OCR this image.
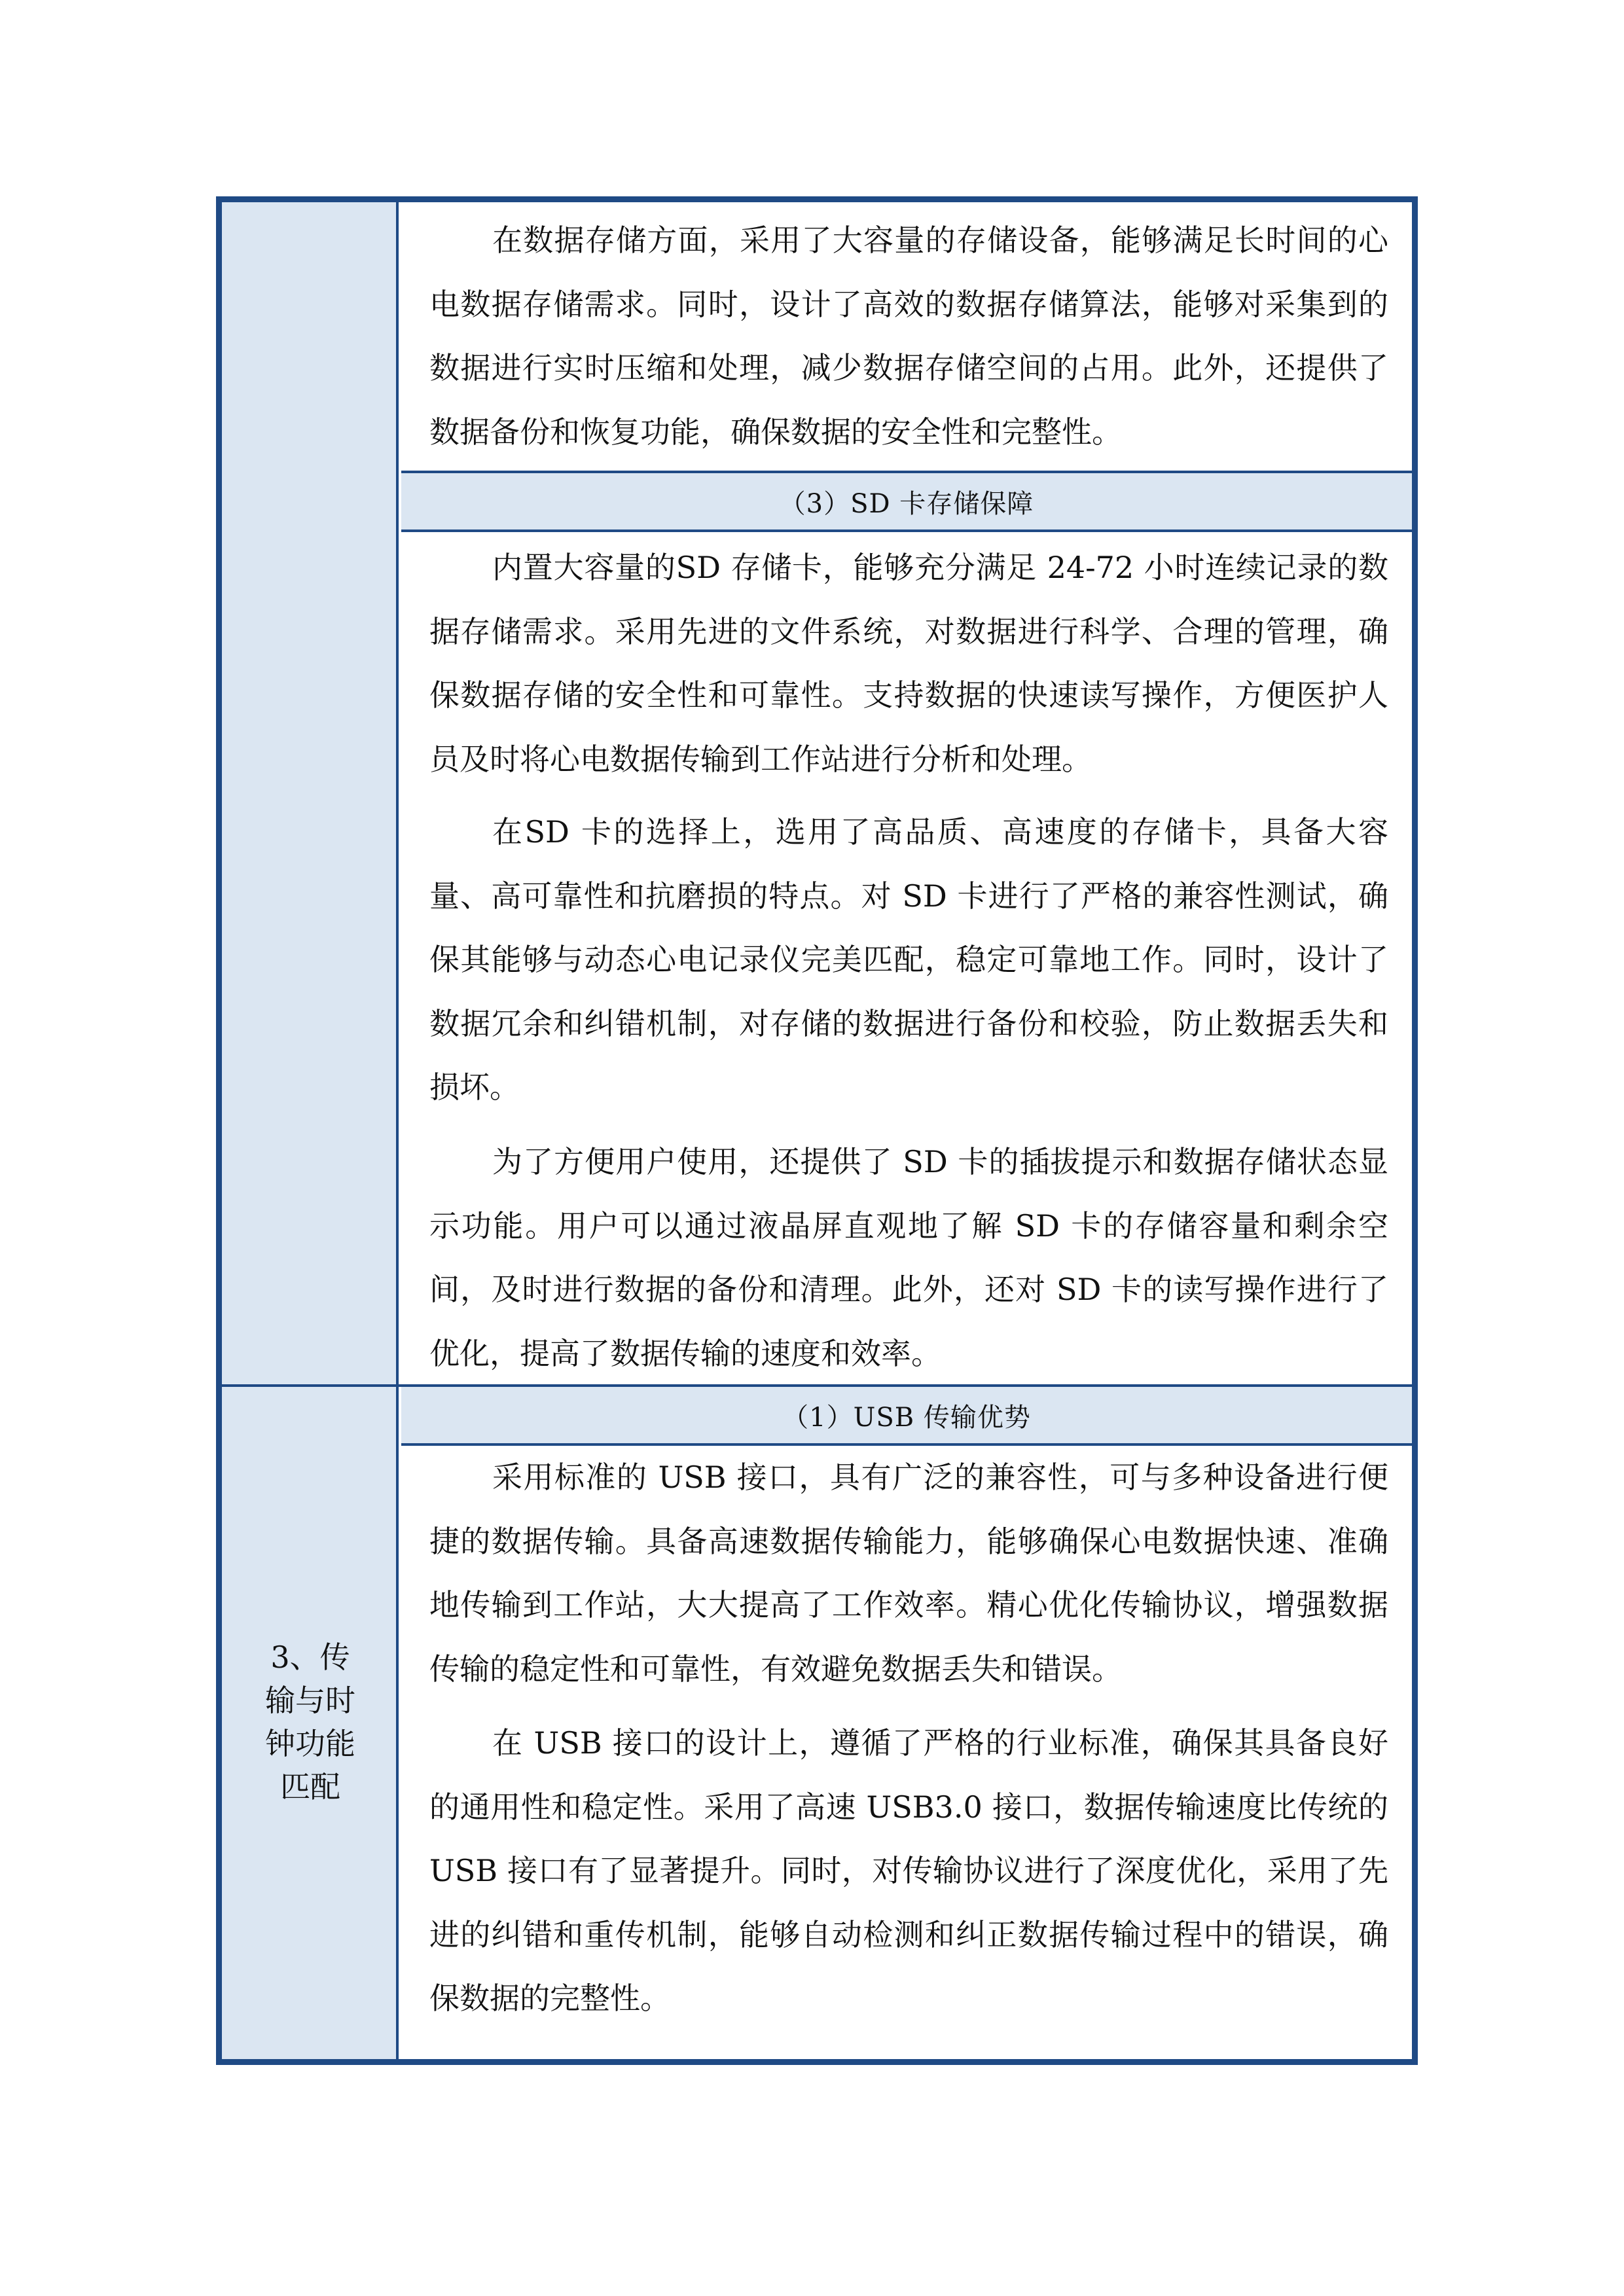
在数据存储方面，采用了大容量的存储设备，能够满足长时间的心电数据存储需求。同时，设计了高效的数据存储算法，能够对采集到的数据进行实时压缩和处理，减少数据存储空间的占用。此外，还提供了数据备份和恢复功能，确保数据的安全性和完整性。

（3）SD 卡存储保障

内置大容量的SD 存储卡，能够充分满足 24-72 小时连续记录的数据存储需求。采用先进的文件系统，对数据进行科学、合理的管理，确保数据存储的安全性和可靠性。支持数据的快速读写操作，方便医护人员及时将心电数据传输到工作站进行分析和处理。

在SD 卡的选择上，选用了高品质、高速度的存储卡，具备大容量、高可靠性和抗磨损的特点。对 SD 卡进行了严格的兼容性测试，确保其能够与动态心电记录仪完美匹配，稳定可靠地工作。同时，设计了数据冗余和纠错机制，对存储的数据进行备份和校验，防止数据丢失和损坏。

为了方便用户使用，还提供了 SD 卡的插拔提示和数据存储状态显示功能。用户可以通过液晶屏直观地了解 SD 卡的存储容量和剩余空间，及时进行数据的备份和清理。此外，还对 SD 卡的读写操作进行了优化，提高了数据传输的速度和效率。

（1）USB 传输优势

采用标准的 USB 接口，具有广泛的兼容性，可与多种设备进行便捷的数据传输。具备高速数据传输能力，能够确保心电数据快速、准确地传输到工作站，大大提高了工作效率。精心优化传输协议，增强数据传输的稳定性和可靠性，有效避免数据丢失和错误。

在 USB 接口的设计上，遵循了严格的行业标准，确保其具备良好的通用性和稳定性。采用了高速 USB3.0 接口，数据传输速度比传统的 USB 接口有了显著提升。同时，对传输协议进行了深度优化，采用了先进的纠错和重传机制，能够自动检测和纠正数据传输过程中的错误，确保数据的完整性。

3、传输与时钟功能匹配
